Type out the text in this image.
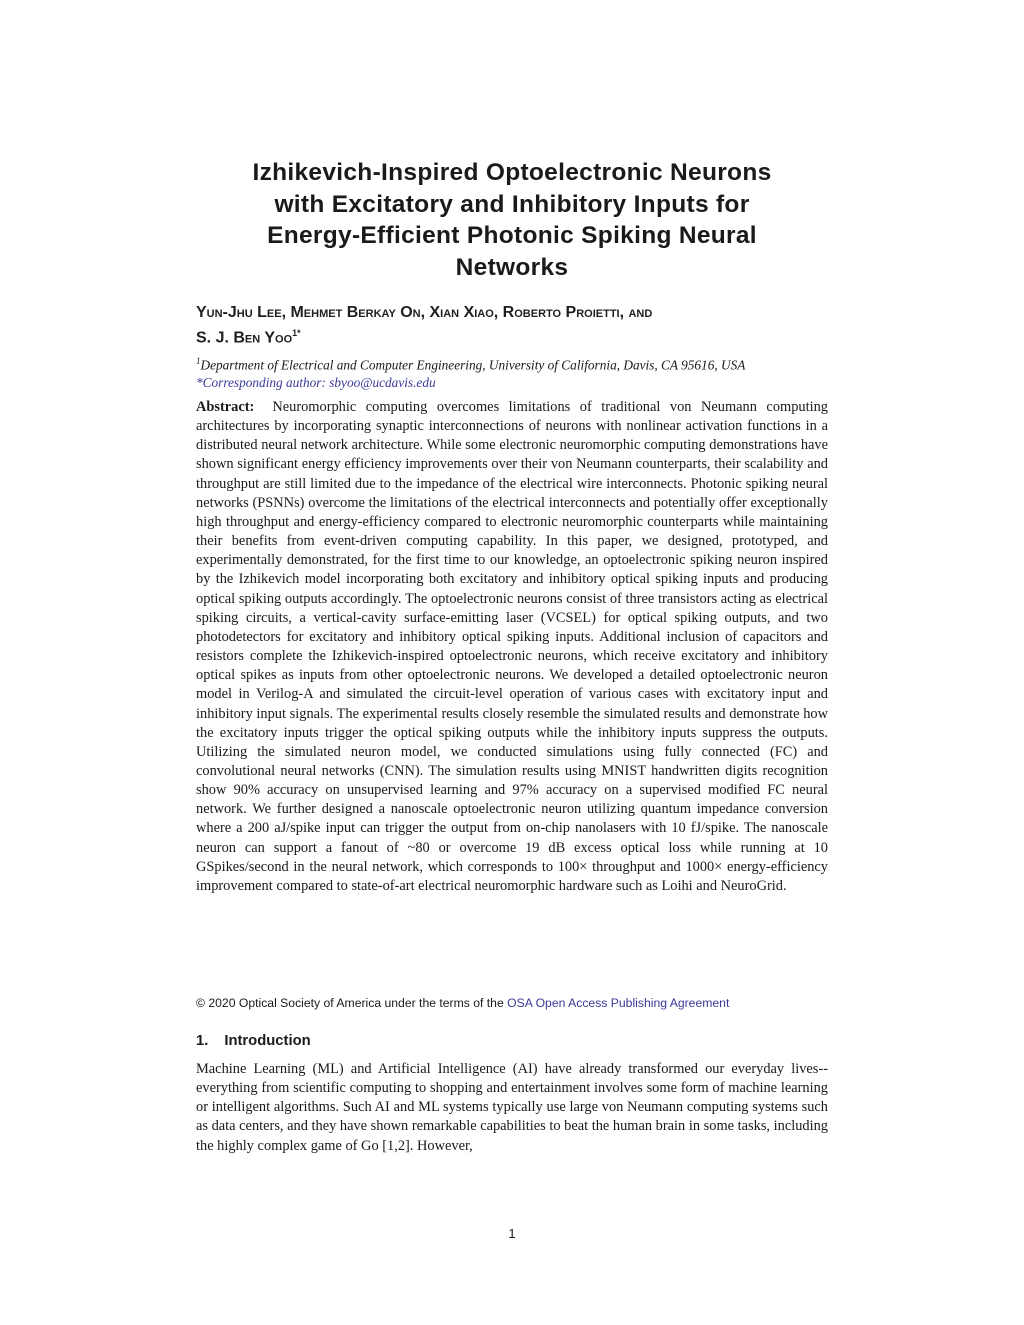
Izhikevich-Inspired Optoelectronic Neurons
with Excitatory and Inhibitory Inputs for
Energy-Efficient Photonic Spiking Neural
Networks
Yun-Jhu Lee, Mehmet Berkay On, Xian Xiao, Roberto Proietti, and
S. J. Ben Yoo$^{1*}$
$^1$Department of Electrical and Computer Engineering, University of California, Davis, CA 95616, USA
*Corresponding author: sbyoo@ucdavis.edu

Abstract: Neuromorphic computing overcomes limitations of traditional von Neumann computing architectures by incorporating synaptic interconnections of neurons with nonlinear activation functions in a distributed neural network architecture. While some electronic neuromorphic computing demonstrations have shown significant energy efficiency improvements over their von Neumann counterparts, their scalability and throughput are still limited due to the impedance of the electrical wire interconnects. Photonic spiking neural networks (PSNNs) overcome the limitations of the electrical interconnects and potentially offer exceptionally high throughput and energy-efficiency compared to electronic neuromorphic counterparts while maintaining their benefits from event-driven computing capability. In this paper, we designed, prototyped, and experimentally demonstrated, for the first time to our knowledge, an optoelectronic spiking neuron inspired by the Izhikevich model incorporating both excitatory and inhibitory optical spiking inputs and producing optical spiking outputs accordingly. The optoelectronic neurons consist of three transistors acting as electrical spiking circuits, a vertical-cavity surface-emitting laser (VCSEL) for optical spiking outputs, and two photodetectors for excitatory and inhibitory optical spiking inputs. Additional inclusion of capacitors and resistors complete the Izhikevich-inspired optoelectronic neurons, which receive excitatory and inhibitory optical spikes as inputs from other optoelectronic neurons. We developed a detailed optoelectronic neuron model in Verilog-A and simulated the circuit-level operation of various cases with excitatory input and inhibitory input signals. The experimental results closely resemble the simulated results and demonstrate how the excitatory inputs trigger the optical spiking outputs while the inhibitory inputs suppress the outputs. Utilizing the simulated neuron model, we conducted simulations using fully connected (FC) and convolutional neural networks (CNN). The simulation results using MNIST handwritten digits recognition show 90% accuracy on unsupervised learning and 97% accuracy on a supervised modified FC neural network. We further designed a nanoscale optoelectronic neuron utilizing quantum impedance conversion where a 200 aJ/spike input can trigger the output from on-chip nanolasers with 10 fJ/spike. The nanoscale neuron can support a fanout of ~80 or overcome 19 dB excess optical loss while running at 10 GSpikes/second in the neural network, which corresponds to 100× throughput and 1000× energy-efficiency improvement compared to state-of-art electrical neuromorphic hardware such as Loihi and NeuroGrid.

© 2020 Optical Society of America under the terms of the OSA Open Access Publishing Agreement
1. Introduction

Machine Learning (ML) and Artificial Intelligence (AI) have already transformed our everyday lives--everything from scientific computing to shopping and entertainment involves some form of machine learning or intelligent algorithms. Such AI and ML systems typically use large von Neumann computing systems such as data centers, and they have shown remarkable capabilities to beat the human brain in some tasks, including the highly complex game of Go [1,2]. However,

1
